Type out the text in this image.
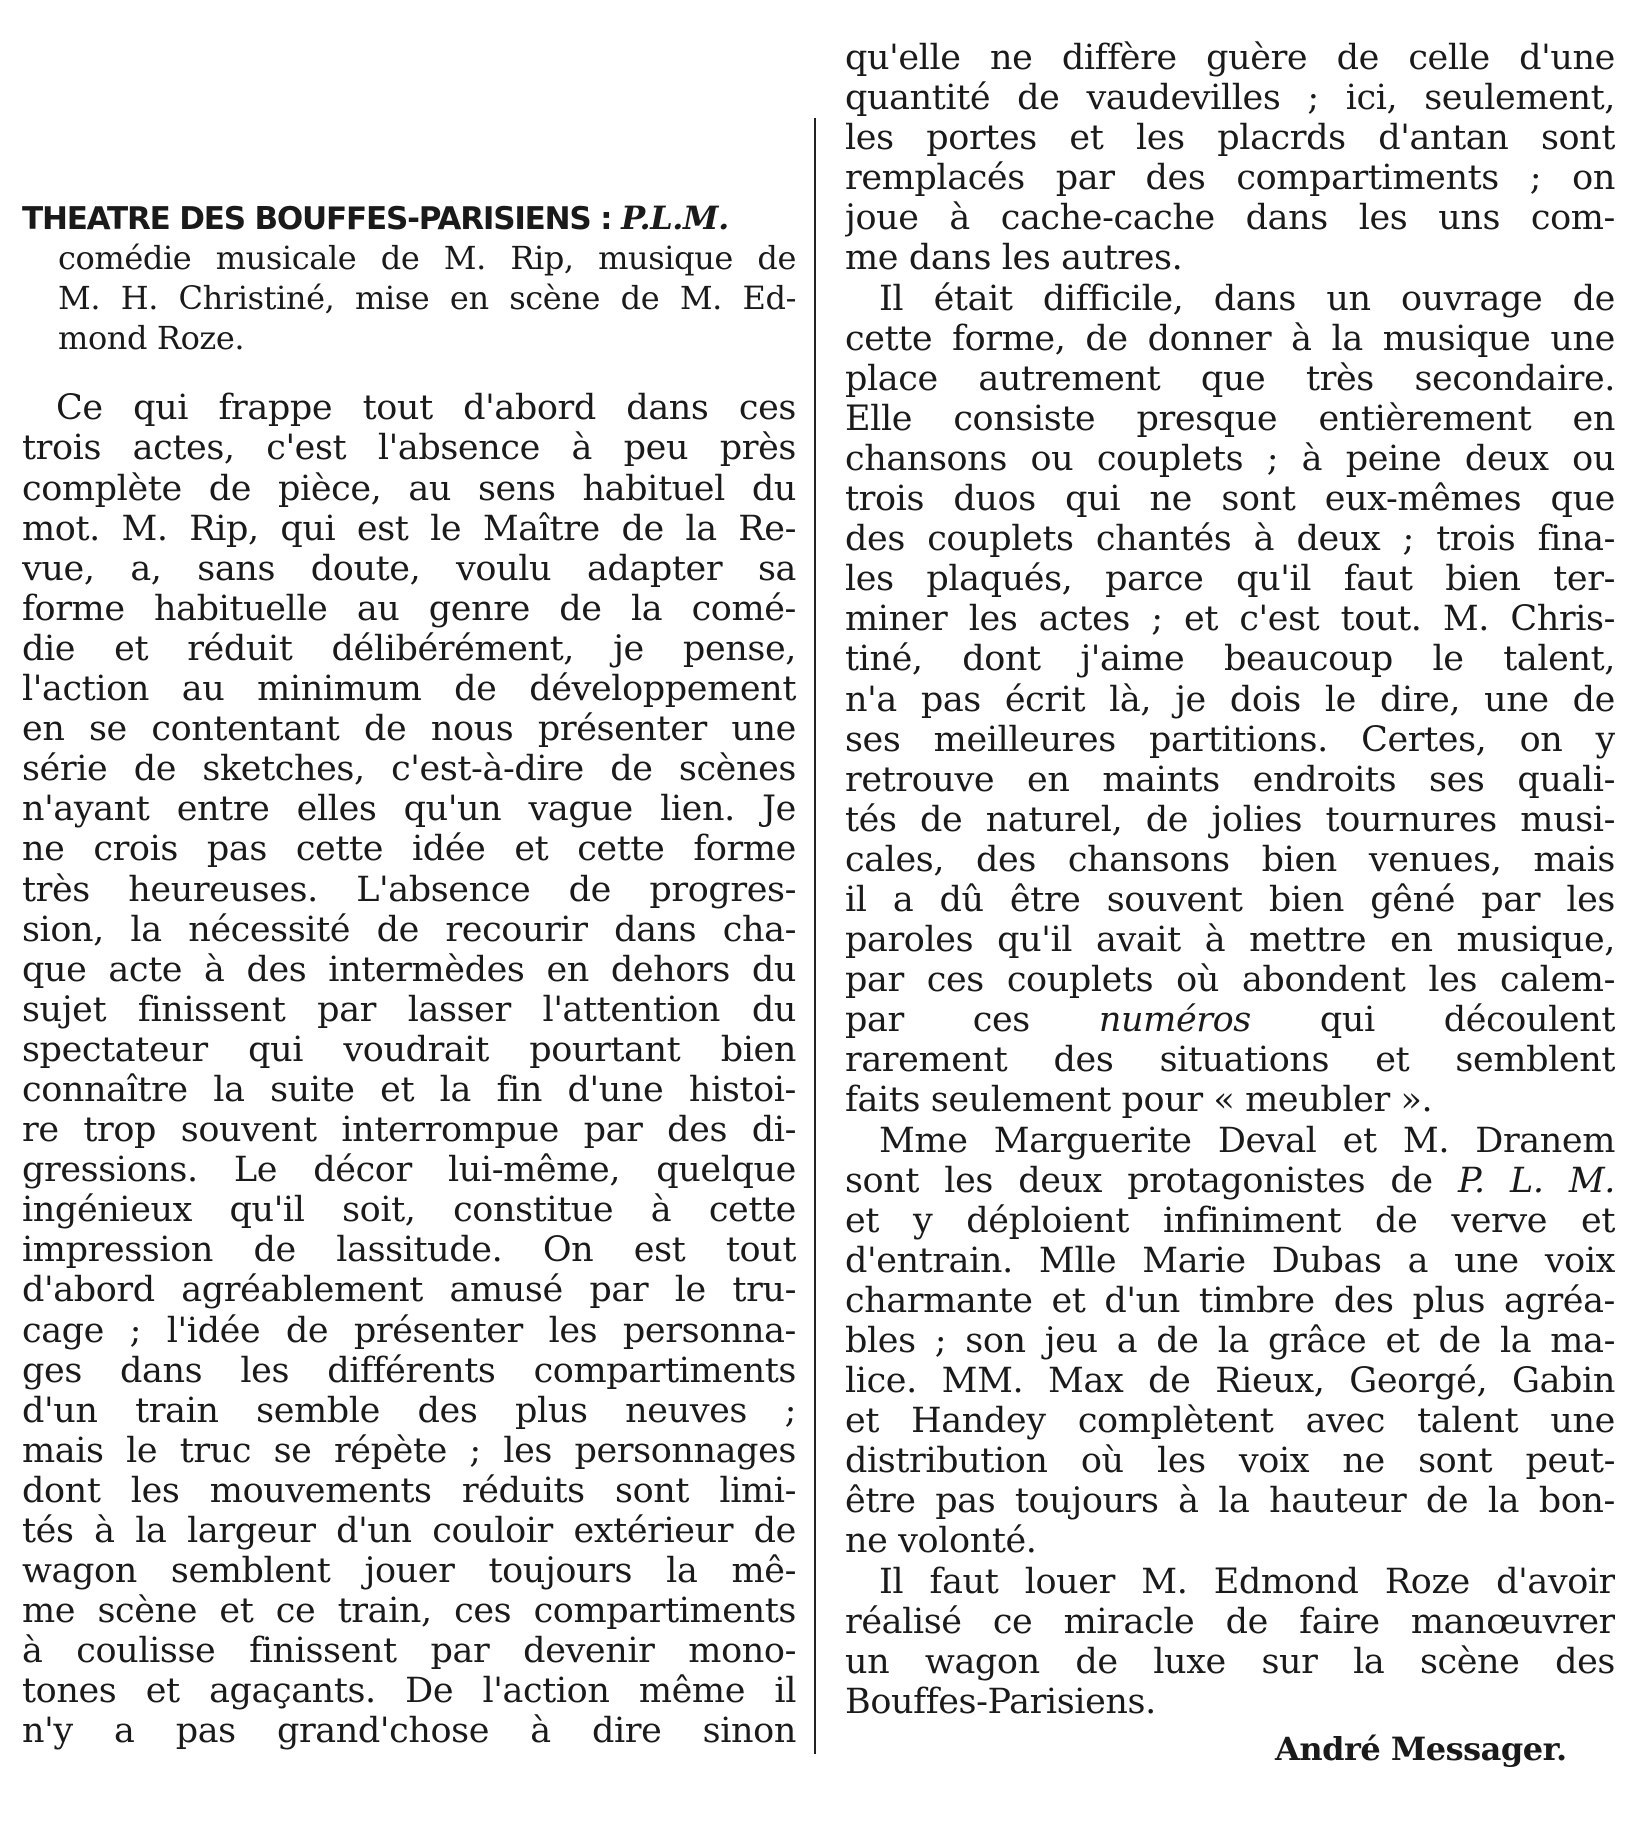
THEATRE DES BOUFFES-PARISIENS : P.L.M.
comédie musicale de M. Rip, musique de
M. H. Christiné, mise en scène de M. Ed-
mond Roze.
Ce qui frappe tout d'abord dans ces
trois actes, c'est l'absence à peu près
complète de pièce, au sens habituel du
mot. M. Rip, qui est le Maître de la Re-
vue, a, sans doute, voulu adapter sa
forme habituelle au genre de la comé-
die et réduit délibérément, je pense,
l'action au minimum de développement
en se contentant de nous présenter une
série de sketches, c'est-à-dire de scènes
n'ayant entre elles qu'un vague lien. Je
ne crois pas cette idée et cette forme
très heureuses. L'absence de progres-
sion, la nécessité de recourir dans cha-
que acte à des intermèdes en dehors du
sujet finissent par lasser l'attention du
spectateur qui voudrait pourtant bien
connaître la suite et la fin d'une histoi-
re trop souvent interrompue par des di-
gressions. Le décor lui-même, quelque
ingénieux qu'il soit, constitue à cette
impression de lassitude. On est tout
d'abord agréablement amusé par le tru-
cage ; l'idée de présenter les personna-
ges dans les différents compartiments
d'un train semble des plus neuves ;
mais le truc se répète ; les personnages
dont les mouvements réduits sont limi-
tés à la largeur d'un couloir extérieur de
wagon semblent jouer toujours la mê-
me scène et ce train, ces compartiments
à coulisse finissent par devenir mono-
tones et agaçants. De l'action même il
n'y a pas grand'chose à dire sinon
qu'elle ne diffère guère de celle d'une
quantité de vaudevilles ; ici, seulement,
les portes et les placrds d'antan sont
remplacés par des compartiments ; on
joue à cache-cache dans les uns com-
me dans les autres.
Il était difficile, dans un ouvrage de
cette forme, de donner à la musique une
place autrement que très secondaire.
Elle consiste presque entièrement en
chansons ou couplets ; à peine deux ou
trois duos qui ne sont eux-mêmes que
des couplets chantés à deux ; trois fina-
les plaqués, parce qu'il faut bien ter-
miner les actes ; et c'est tout. M. Chris-
tiné, dont j'aime beaucoup le talent,
n'a pas écrit là, je dois le dire, une de
ses meilleures partitions. Certes, on y
retrouve en maints endroits ses quali-
tés de naturel, de jolies tournures musi-
cales, des chansons bien venues, mais
il a dû être souvent bien gêné par les
paroles qu'il avait à mettre en musique,
par ces couplets où abondent les calem-
par ces numéros qui découlent
rarement des situations et semblent
faits seulement pour « meubler ».
Mme Marguerite Deval et M. Dranem
sont les deux protagonistes de P. L. M.
et y déploient infiniment de verve et
d'entrain. Mlle Marie Dubas a une voix
charmante et d'un timbre des plus agréa-
bles ; son jeu a de la grâce et de la ma-
lice. MM. Max de Rieux, Georgé, Gabin
et Handey complètent avec talent une
distribution où les voix ne sont peut-
être pas toujours à la hauteur de la bon-
ne volonté.
Il faut louer M. Edmond Roze d'avoir
réalisé ce miracle de faire manœuvrer
un wagon de luxe sur la scène des
Bouffes-Parisiens.
André Messager.
